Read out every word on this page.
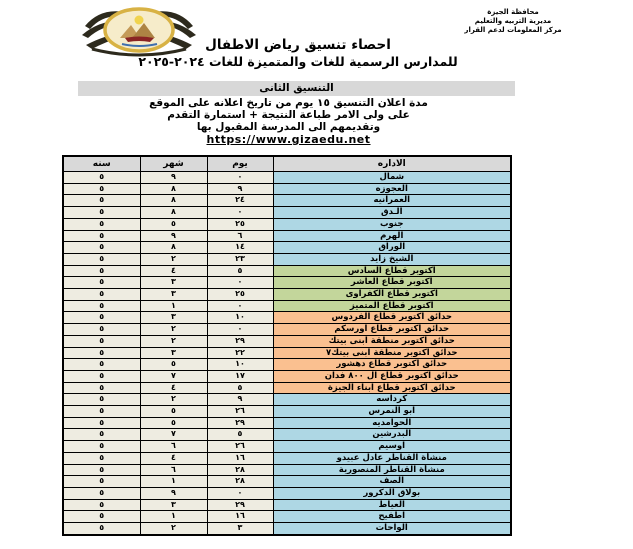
محافظة الجيزة
مديرية التربيه والتعليم
مركز المعلومات لدعم القرار
احصاء تنسيق رياض الاطفال
للمدارس الرسمية للغات والمتميزة للغات ٢٠٢٤-٢٠٢٥
التنسيق الثانى
مدة اعلان التنسيق ١٥ يوم من تاريخ اعلانه على الموقع
على ولى الامر طباعة النتيجة + استمارة التقدم
وتقديمهم الى المدرسة المقبول بها
https://www.gizaedu.net
الاداره	يوم	شهر	سنه
شمال	٠	٩	٥
العجوزه	٩	٨	٥
العمرانيه	٢٤	٨	٥
الـدق	٠	٨	٥
جنوب	٢٥	٥	٥
الهرم	٦	٩	٥
الوراق	١٤	٨	٥
الشيخ زايد	٢٣	٢	٥
اكتوبر قطاع السادس	٥	٤	٥
اكتوبر قطاع العاشر	٠	٣	٥
اكتوبر قطاع الكفراوى	٢٥	٣	٥
اكتوبر قطاع المتميز	٠	١	٥
حدائق اكتوبر قطاع الفردوس	١٠	٣	٥
حدائق اكتوبر قطاع اورسكم	٠	٢	٥
حدائق اكتوبر منطقة ابنى بيتك	٢٩	٢	٥
حدائق اكتوبر منطقة ابنى بيتك٧	٢٢	٣	٥
حدائق اكتوبر قطاع دهشور	١٠	٥	٥
حدائق اكتوبر قطاع ال ٨٠٠ فدان	١٧	٧	٥
حدائق اكتوبر قطاع ابناء الجيزة	٥	٤	٥
كرداسه	٩	٢	٥
ابو النمرس	٢٦	٥	٥
الحوامديه	٢٩	٥	٥
البدرشين	٥	٧	٥
اوسيم	٢٦	٦	٥
منشأة القناطر عادل عبيدو	١٦	٤	٥
منشأة القناطر المنصورية	٢٨	٦	٥
الصف	٢٨	١	٥
بولاق الدكرور	٠	٩	٥
العياط	٢٩	٣	٥
اطفيح	١٦	١	٥
الواحات	٣	٢	٥
